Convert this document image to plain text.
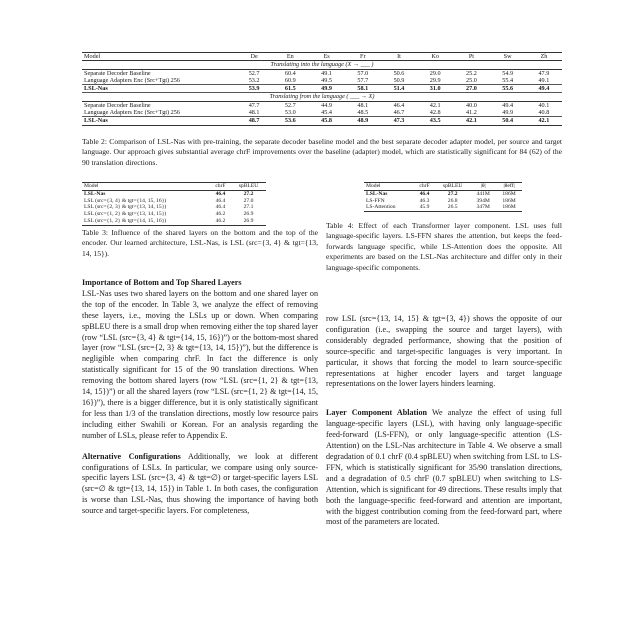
Model	De	En	Es	Fr	It	Ko	Pt	Sw	Zh
Translating into the language (X → ___ )									
Separate Decoder Baseline	52.7	60.4	49.1	57.0	50.6	29.0	25.2	54.9	47.9
Language Adapters Enc (Src+Tgt) 256	53.2	60.9	49.5	57.7	50.9	29.9	25.0	55.4	49.1
LSL-Nas	53.9	61.5	49.9	58.1	51.4	31.0	27.0	55.6	49.4
Translating from the language ( ___ → X)									
Separate Decoder Baseline	47.7	52.7	44.9	48.1	46.4	42.1	40.0	49.4	40.1
Language Adapters Enc (Src+Tgt) 256	48.1	53.0	45.4	48.5	46.7	42.8	41.2	49.9	40.8
LSL-Nas	48.7	53.6	45.8	48.9	47.3	43.5	42.1	50.4	42.1
Table 2: Comparison of LSL-Nas with pre-training, the separate decoder baseline model and the best separate decoder adapter model, per source and target language. Our approach gives substantial average chrF improvements over the baseline (adapter) model, which are statistically significant for 84 (62) of the 90 translation directions.
Model	chrF	spBLEU
LSL-Nas	46.4	27.2
LSL (src={3, 4} & tgt={14, 15, 16})	46.4	27.0
LSL (src={2, 3} & tgt={13, 14, 15})	46.4	27.1
LSL (src={1, 2} & tgt={13, 14, 15})	46.2	26.9
LSL (src={1, 2} & tgt={14, 15, 16})	46.2	26.9
Table 3: Influence of the shared layers on the bottom and the top of the encoder. Our learned architecture, LSL-Nas, is LSL (src={3, 4} & tgt={13, 14, 15}).
Model	chrF	spBLEU	|θ|	|θeff|
LSL-Nas	46.4	27.2	441M	186M
LS-FFN	46.3	26.8	394M	186M
LS-Attention	45.9	26.5	347M	186M
Table 4: Effect of each Transformer layer component. LSL uses full language-specific layers. LS-FFN shares the attention, but keeps the feed-forwards language specific, while LS-Attention does the opposite. All experiments are based on the LSL-Nas architecture and differ only in their language-specific components.
Importance of Bottom and Top Shared Layers
LSL-Nas uses two shared layers on the bottom and one shared layer on the top of the encoder. In Table 3, we analyze the effect of removing these layers, i.e., moving the LSLs up or down. When comparing spBLEU there is a small drop when removing either the top shared layer (row “LSL (src={3, 4} & tgt={14, 15, 16})”) or the bottom-most shared layer (row “LSL (src={2, 3} & tgt={13, 14, 15})”), but the difference is negligible when comparing chrF. In fact the difference is only statistically significant for 15 of the 90 translation directions. When removing the bottom shared layers (row “LSL (src={1, 2} & tgt={13, 14, 15})”) or all the shared layers (row “LSL (src={1, 2} & tgt={14, 15, 16})”), there is a bigger difference, but it is only statistically significant for less than 1/3 of the translation directions, mostly low resource pairs including either Swahili or Korean. For an analysis regarding the number of LSLs, please refer to Appendix E.
Alternative Configurations Additionally, we look at different configurations of LSLs. In particular, we compare using only source-specific layers LSL (src={3, 4} & tgt=∅) or target-specific layers LSL (src=∅ & tgt={13, 14, 15}) in Table 1. In both cases, the configuration is worse than LSL-Nas, thus showing the importance of having both source and target-specific layers. For completeness,
row LSL (src={13, 14, 15} & tgt={3, 4}) shows the opposite of our configuration (i.e., swapping the source and target layers), with considerably degraded performance, showing that the position of source-specific and target-specific languages is very important. In particular, it shows that forcing the model to learn source-specific representations at higher encoder layers and target language representations on the lower layers hinders learning.
Layer Component Ablation We analyze the effect of using full language-specific layers (LSL), with having only language-specific feed-forward (LS-FFN), or only language-specific attention (LS-Attention) on the LSL-Nas architecture in Table 4. We observe a small degradation of 0.1 chrF (0.4 spBLEU) when switching from LSL to LS-FFN, which is statistically significant for 35/90 translation directions, and a degradation of 0.5 chrF (0.7 spBLEU) when switching to LS-Attention, which is significant for 49 directions. These results imply that both the language-specific feed-forward and attention are important, with the biggest contribution coming from the feed-forward part, where most of the parameters are located.
